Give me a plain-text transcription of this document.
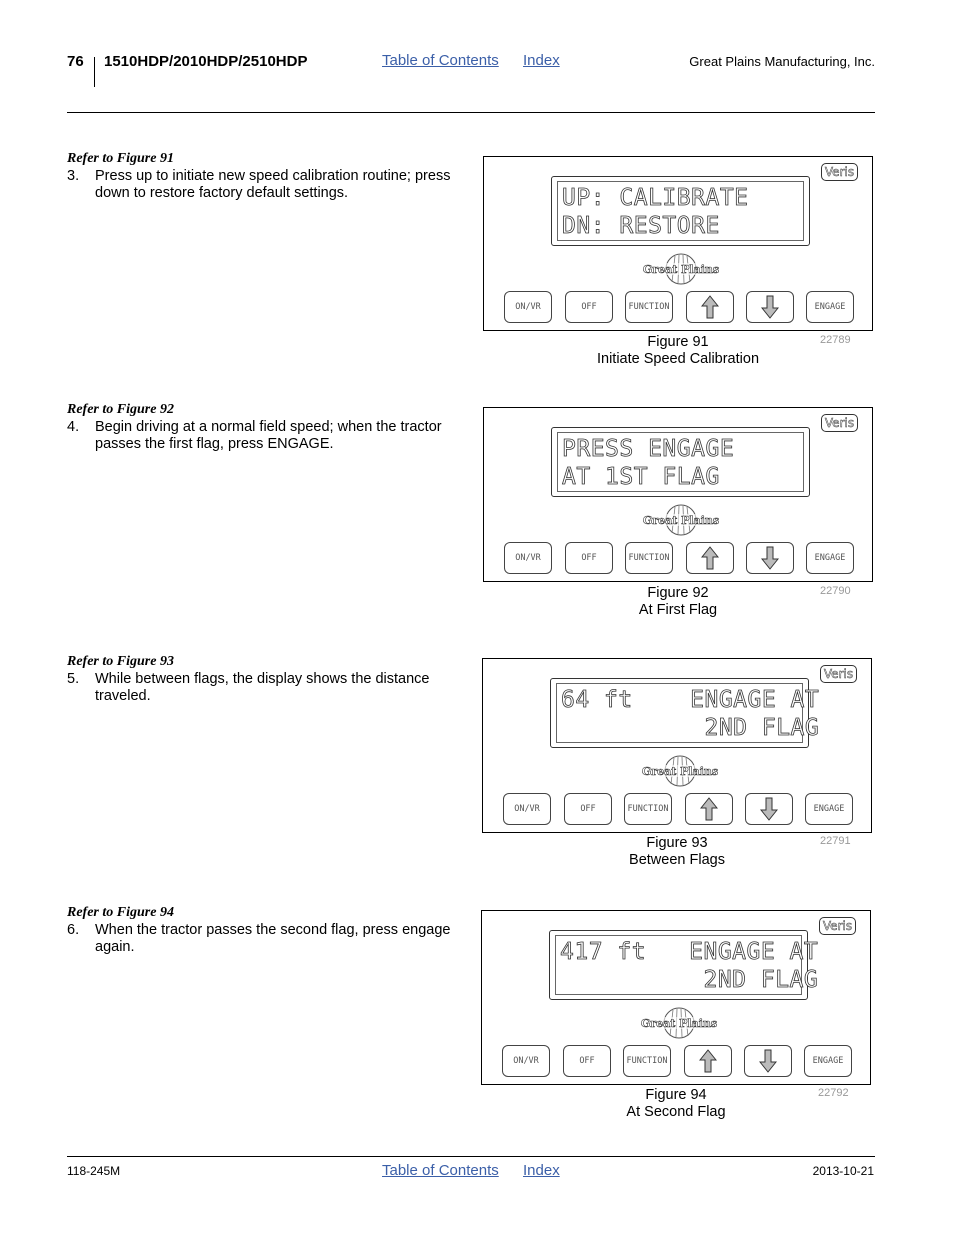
76 1510HDP/2010HDP/2510HDP	Table of Contents Index	Great Plains Manufacturing, Inc.
Refer to Figure 91
3. Press up to initiate new speed calibration routine; press down to restore factory default settings.
Refer to Figure 92
4. Begin driving at a normal field speed; when the tractor passes the first flag, press ENGAGE.
Refer to Figure 93
5. While between flags, the display shows the distance traveled.
Refer to Figure 94
6. When the tractor passes the second flag, press engage again.
UP: CALIBRATE
DN: RESTORE
Veris
Great Plains
ON/VR	OFF	FUNCTION	ENGAGE
Figure 91
Initiate Speed Calibration
22789
PRESS ENGAGE
AT 1ST FLAG
Veris
Great Plains
ON/VR	OFF	FUNCTION	ENGAGE
Figure 92
At First Flag
22790
64 ft    ENGAGE AT
2ND FLAG
Veris
Great Plains
ON/VR	OFF	FUNCTION	ENGAGE
Figure 93
Between Flags
22791
417 ft   ENGAGE AT
2ND FLAG
Veris
Great Plains
ON/VR	OFF	FUNCTION	ENGAGE
Figure 94
At Second Flag
22792
118-245M	Table of Contents Index	2013-10-21
